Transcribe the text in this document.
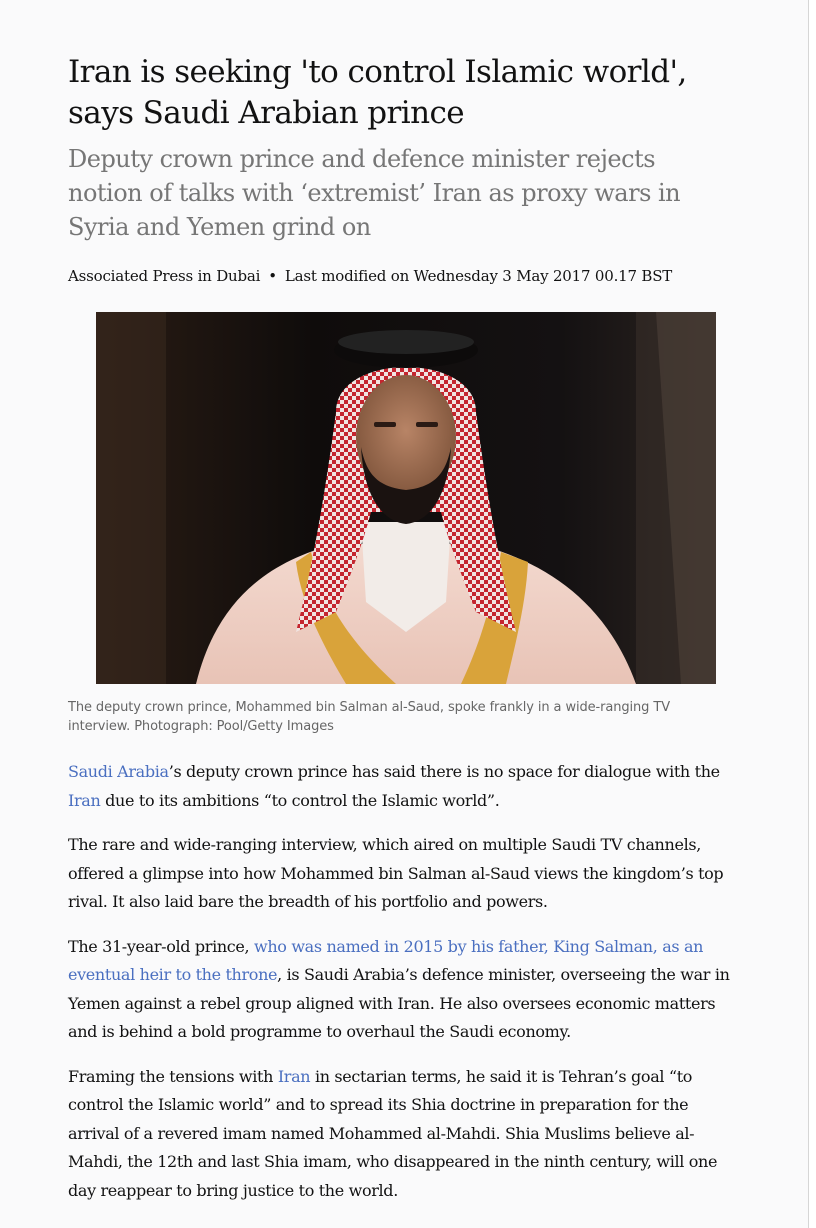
Iran is seeking 'to control Islamic world', says Saudi Arabian prince
Deputy crown prince and defence minister rejects notion of talks with ‘extremist’ Iran as proxy wars in Syria and Yemen grind on
Associated Press in Dubai • Last modified on Wednesday 3 May 2017 00.17 BST
The deputy crown prince, Mohammed bin Salman al-Saud, spoke frankly in a wide-ranging TV interview. Photograph: Pool/Getty Images

Saudi Arabia’s deputy crown prince has said there is no space for dialogue with the Iran due to its ambitions “to control the Islamic world”.

The rare and wide-ranging interview, which aired on multiple Saudi TV channels, offered a glimpse into how Mohammed bin Salman al-Saud views the kingdom’s top rival. It also laid bare the breadth of his portfolio and powers.

The 31-year-old prince, who was named in 2015 by his father, King Salman, as an eventual heir to the throne, is Saudi Arabia’s defence minister, overseeing the war in Yemen against a rebel group aligned with Iran. He also oversees economic matters and is behind a bold programme to overhaul the Saudi economy.

Framing the tensions with Iran in sectarian terms, he said it is Tehran’s goal “to control the Islamic world” and to spread its Shia doctrine in preparation for the arrival of a revered imam named Mohammed al-Mahdi. Shia Muslims believe al-Mahdi, the 12th and last Shia imam, who disappeared in the ninth century, will one day reappear to bring justice to the world.
